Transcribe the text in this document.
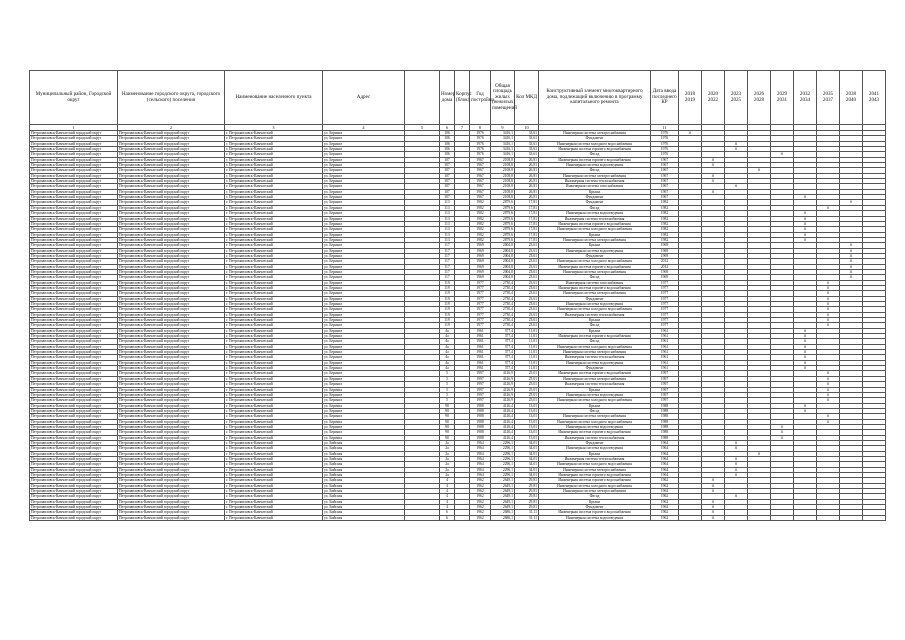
Муниципальный район, Городской округ	Наименование городского округа, городского (сельского) поселения	Наименование населенного пункта	Адрес		Номер дома	Корпус (блок)	Год постройки	Общая площадь жилых (нежилых) помещений	Кол МКД	Конструктивный элемент многоквартирного дома, подлежащий включению в программу капитального ремонта	Дата ввода последнего КР	2018 2019	2020 2022	2023 2025	2026 2028	2029 2031	2032 2034	2035 2037	2038 2040	2041 2043
1	2	3	4	5	6	7	8	9	10		11									
Петропавловск-Камчатский городской округ	Петропавловск-Камчатский городской округ	г. Петропавловск-Камчатский	ул. Беринга		106		1976	3416,1	33,61	Инженерная система электроснабжения	1976	X								
Петропавловск-Камчатский городской округ	Петропавловск-Камчатский городской округ	г. Петропавловск-Камчатский	ул. Беринга		106		1976	3416,1	33,61	Фундамент	1976									
Петропавловск-Камчатский городской округ	Петропавловск-Камчатский городской округ	г. Петропавловск-Камчатский	ул. Беринга		106		1976	3416,1	33,61	Инженерная система холодного водоснабжения	1976			X						
Петропавловск-Камчатский городской округ	Петропавловск-Камчатский городской округ	г. Петропавловск-Камчатский	ул. Беринга		106		1976	3416,1	33,61	Инженерная система горячего водоснабжения	1976			X						
Петропавловск-Камчатский городской округ	Петропавловск-Камчатский городской округ	г. Петропавловск-Камчатский	ул. Беринга		106		1976	3416,1	33,61	Фасад	1976					X				
Петропавловск-Камчатский городской округ	Петропавловск-Камчатский городской округ	г. Петропавловск-Камчатский	ул. Беринга		107		1967	2108,8	26,81	Инженерная система горячего водоснабжения	1967		X							
Петропавловск-Камчатский городской округ	Петропавловск-Камчатский городской округ	г. Петропавловск-Камчатский	ул. Беринга		107		1967	2108,8	26,81	Инженерная система водоотведения	1967		X							
Петропавловск-Камчатский городской округ	Петропавловск-Камчатский городской округ	г. Петропавловск-Камчатский	ул. Беринга		107		1967	2108,8	26,81	Фасад	1967				X					
Петропавловск-Камчатский городской округ	Петропавловск-Камчатский городской округ	г. Петропавловск-Камчатский	ул. Беринга		107		1967	2108,8	26,81	Инженерная система электроснабжения	1967		X							
Петропавловск-Камчатский городской округ	Петропавловск-Камчатский городской округ	г. Петропавловск-Камчатский	ул. Беринга		107		1967	2108,8	26,81	Инженерная система теплоснабжения	1967		X							
Петропавловск-Камчатский городской округ	Петропавловск-Камчатский городской округ	г. Петропавловск-Камчатский	ул. Беринга		107		1967	2108,8	26,81	Инженерная система газоснабжения	1967			X						
Петропавловск-Камчатский городской округ	Петропавловск-Камчатский городской округ	г. Петропавловск-Камчатский	ул. Беринга		107		1967	2108,8	26,81	Крыша	1967		X							
Петропавловск-Камчатский городской округ	Петропавловск-Камчатский городской округ	г. Петропавловск-Камчатский	ул. Беринга		107		1967	2108,8	26,81	Фундамент	1967						X			
Петропавловск-Камчатский городской округ	Петропавловск-Камчатский городской округ	г. Петропавловск-Камчатский	ул. Беринга		113		1982	2879,6	17,81	Фундамент	1982								X	
Петропавловск-Камчатский городской округ	Петропавловск-Камчатский городской округ	г. Петропавловск-Камчатский	ул. Беринга		113		1982	2879,6	17,81	Фасад	1982							X		
Петропавловск-Камчатский городской округ	Петропавловск-Камчатский городской округ	г. Петропавловск-Камчатский	ул. Беринга		113		1982	2879,6	17,81	Инженерная система водоотведения	1982						X			
Петропавловск-Камчатский городской округ	Петропавловск-Камчатский городской округ	г. Петропавловск-Камчатский	ул. Беринга		113		1982	2879,6	17,81	Инженерная система теплоснабжения	1982						X			
Петропавловск-Камчатский городской округ	Петропавловск-Камчатский городской округ	г. Петропавловск-Камчатский	ул. Беринга		113		1982	2879,6	17,81	Инженерная система горячего водоснабжения	1982						X			
Петропавловск-Камчатский городской округ	Петропавловск-Камчатский городской округ	г. Петропавловск-Камчатский	ул. Беринга		113		1982	2879,6	17,81	Инженерная система холодного водоснабжения	1982						X			
Петропавловск-Камчатский городской округ	Петропавловск-Камчатский городской округ	г. Петропавловск-Камчатский	ул. Беринга		113		1982	2879,6	17,81	Крыша	1982						X			
Петропавловск-Камчатский городской округ	Петропавловск-Камчатский городской округ	г. Петропавловск-Камчатский	ул. Беринга		113		1982	2879,6	17,81	Инженерная система электроснабжения	1982						X			
Петропавловск-Камчатский городской округ	Петропавловск-Камчатский городской округ	г. Петропавловск-Камчатский	ул. Беринга		117		1969	2004,8	23,61	Крыша	1969								X	
Петропавловск-Камчатский городской округ	Петропавловск-Камчатский городской округ	г. Петропавловск-Камчатский	ул. Беринга		117		1969	2004,8	23,61	Инженерная система водоотведения	1969								X	
Петропавловск-Камчатский городской округ	Петропавловск-Камчатский городской округ	г. Петропавловск-Камчатский	ул. Беринга		117		1969	2004,8	23,61	Фундамент	1969								X	
Петропавловск-Камчатский городской округ	Петропавловск-Камчатский городской округ	г. Петропавловск-Камчатский	ул. Беринга		117		1969	2004,8	23,61	Инженерная система холодного водоснабжения	2012								X	
Петропавловск-Камчатский городской округ	Петропавловск-Камчатский городской округ	г. Петропавловск-Камчатский	ул. Беринга		117		1969	2004,8	23,61	Инженерная система горячего водоснабжения	2012								X	
Петропавловск-Камчатский городской округ	Петропавловск-Камчатский городской округ	г. Петропавловск-Камчатский	ул. Беринга		117		1969	2004,8	23,61	Инженерная система электроснабжения	1969								X	
Петропавловск-Камчатский городской округ	Петропавловск-Камчатский городской округ	г. Петропавловск-Камчатский	ул. Беринга		117		1969	2004,8	23,61	Фасад	1969								X	
Петропавловск-Камчатский городской округ	Петропавловск-Камчатский городской округ	г. Петропавловск-Камчатский	ул. Беринга		119		1977	2730,4	23,61	Инженерная система газоснабжения	1977							X		
Петропавловск-Камчатский городской округ	Петропавловск-Камчатский городской округ	г. Петропавловск-Камчатский	ул. Беринга		119		1977	2730,4	23,61	Инженерная система горячего водоснабжения	1977							X		
Петропавловск-Камчатский городской округ	Петропавловск-Камчатский городской округ	г. Петропавловск-Камчатский	ул. Беринга		119		1977	2730,4	23,61	Инженерная система электроснабжения	1977							X		
Петропавловск-Камчатский городской округ	Петропавловск-Камчатский городской округ	г. Петропавловск-Камчатский	ул. Беринга		119		1977	2730,4	23,61	Фундамент	1977							X		
Петропавловск-Камчатский городской округ	Петропавловск-Камчатский городской округ	г. Петропавловск-Камчатский	ул. Беринга		119		1977	2730,4	23,61	Инженерная система водоотведения	1977							X		
Петропавловск-Камчатский городской округ	Петропавловск-Камчатский городской округ	г. Петропавловск-Камчатский	ул. Беринга		119		1977	2730,4	23,61	Инженерная система холодного водоснабжения	1977							X		
Петропавловск-Камчатский городской округ	Петропавловск-Камчатский городской округ	г. Петропавловск-Камчатский	ул. Беринга		119		1977	2730,4	23,61	Инженерная система теплоснабжения	1977							X		
Петропавловск-Камчатский городской округ	Петропавловск-Камчатский городской округ	г. Петропавловск-Камчатский	ул. Беринга		119		1977	2730,4	23,61	Крыша	1977							X		
Петропавловск-Камчатский городской округ	Петропавловск-Камчатский городской округ	г. Петропавловск-Камчатский	ул. Беринга		119		1977	2730,4	23,61	Фасад	1977							X		
Петропавловск-Камчатский городской округ	Петропавловск-Камчатский городской округ	г. Петропавловск-Камчатский	ул. Беринга		4а		1961	377,4	11,01	Крыша	1961						X			
Петропавловск-Камчатский городской округ	Петропавловск-Камчатский городской округ	г. Петропавловск-Камчатский	ул. Беринга		4а		1961	377,4	11,01	Инженерная система горячего водоснабжения	1961						X			
Петропавловск-Камчатский городской округ	Петропавловск-Камчатский городской округ	г. Петропавловск-Камчатский	ул. Беринга		4а		1961	377,4	11,01	Фасад	1961						X			
Петропавловск-Камчатский городской округ	Петропавловск-Камчатский городской округ	г. Петропавловск-Камчатский	ул. Беринга		4а		1961	377,4	11,01	Инженерная система холодного водоснабжения	1961						X			
Петропавловск-Камчатский городской округ	Петропавловск-Камчатский городской округ	г. Петропавловск-Камчатский	ул. Беринга		4а		1961	377,4	11,01	Инженерная система электроснабжения	1961						X			
Петропавловск-Камчатский городской округ	Петропавловск-Камчатский городской округ	г. Петропавловск-Камчатский	ул. Беринга		4а		1961	377,4	11,01	Инженерная система теплоснабжения	1961						X			
Петропавловск-Камчатский городской округ	Петропавловск-Камчатский городской округ	г. Петропавловск-Камчатский	ул. Беринга		4а		1961	377,4	11,01	Инженерная система водоотведения	1961						X			
Петропавловск-Камчатский городской округ	Петропавловск-Камчатский городской округ	г. Петропавловск-Камчатский	ул. Беринга		4а		1961	377,4	11,01	Фундамент	1961						X			
Петропавловск-Камчатский городской округ	Петропавловск-Камчатский городской округ	г. Петропавловск-Камчатский	ул. Беринга		5		1997	4126,9	25,01	Инженерная система горячего водоснабжения	1997							X		
Петропавловск-Камчатский городской округ	Петропавловск-Камчатский городской округ	г. Петропавловск-Камчатский	ул. Беринга		5		1997	4126,9	25,01	Инженерная система электроснабжения	1997							X		
Петропавловск-Камчатский городской округ	Петропавловск-Камчатский городской округ	г. Петропавловск-Камчатский	ул. Беринга		5		1997	4126,9	25,01	Инженерная система теплоснабжения	1997							X		
Петропавловск-Камчатский городской округ	Петропавловск-Камчатский городской округ	г. Петропавловск-Камчатский	ул. Беринга		5		1997	4126,9	25,01	Крыша	1997							X		
Петропавловск-Камчатский городской округ	Петропавловск-Камчатский городской округ	г. Петропавловск-Камчатский	ул. Беринга		5		1997	4126,9	25,01	Инженерная система водоотведения	1997							X		
Петропавловск-Камчатский городской округ	Петропавловск-Камчатский городской округ	г. Петропавловск-Камчатский	ул. Беринга		5		1997	4126,9	25,01	Инженерная система холодного водоснабжения	1997							X		
Петропавловск-Камчатский городской округ	Петропавловск-Камчатский городской округ	г. Петропавловск-Камчатский	ул. Беринга		98		1988	4126,4	13,01	Крыша	1988						X			
Петропавловск-Камчатский городской округ	Петропавловск-Камчатский городской округ	г. Петропавловск-Камчатский	ул. Беринга		98		1988	4126,4	13,01	Фасад	1988						X			
Петропавловск-Камчатский городской округ	Петропавловск-Камчатский городской округ	г. Петропавловск-Камчатский	ул. Беринга		98		1988	4126,4	13,01	Инженерная система электроснабжения	1988							X		
Петропавловск-Камчатский городской округ	Петропавловск-Камчатский городской округ	г. Петропавловск-Камчатский	ул. Беринга		98		1988	4126,4	13,01	Инженерная система холодного водоснабжения	1988							X		
Петропавловск-Камчатский городской округ	Петропавловск-Камчатский городской округ	г. Петропавловск-Камчатский	ул. Беринга		98		1988	4126,4	13,01	Инженерная система водоотведения	1988					X				
Петропавловск-Камчатский городской округ	Петропавловск-Камчатский городской округ	г. Петропавловск-Камчатский	ул. Беринга		98		1988	4126,4	13,01	Инженерная система горячего водоснабжения	1988					X				
Петропавловск-Камчатский городской округ	Петропавловск-Камчатский городской округ	г. Петропавловск-Камчатский	ул. Беринга		98		1988	4126,4	13,01	Инженерная система теплоснабжения	1988					X				
Петропавловск-Камчатский городской округ	Петропавловск-Камчатский городской округ	г. Петропавловск-Камчатский	ул. Бийская		2а		1964	2296,1	34,01	Фундамент	1964			X						
Петропавловск-Камчатский городской округ	Петропавловск-Камчатский городской округ	г. Петропавловск-Камчатский	ул. Бийская		2а		1964	2296,1	34,01	Инженерная система водоотведения	1964			X						
Петропавловск-Камчатский городской округ	Петропавловск-Камчатский городской округ	г. Петропавловск-Камчатский	ул. Бийская		2а		1964	2296,1	34,01	Крыша	1964				X					
Петропавловск-Камчатский городской округ	Петропавловск-Камчатский городской округ	г. Петропавловск-Камчатский	ул. Бийская		2а		1964	2296,1	34,01	Инженерная система теплоснабжения	1964			X						
Петропавловск-Камчатский городской округ	Петропавловск-Камчатский городской округ	г. Петропавловск-Камчатский	ул. Бийская		2а		1964	2296,1	34,01	Инженерная система холодного водоснабжения	1964			X						
Петропавловск-Камчатский городской округ	Петропавловск-Камчатский городской округ	г. Петропавловск-Камчатский	ул. Бийская		2а		1964	2296,1	34,01	Инженерная система электроснабжения	1964			X						
Петропавловск-Камчатский городской округ	Петропавловск-Камчатский городской округ	г. Петропавловск-Камчатский	ул. Бийская		2а		1964	2296,1	34,01	Инженерная система горячего водоснабжения	1964			X						
Петропавловск-Камчатский городской округ	Петропавловск-Камчатский городской округ	г. Петропавловск-Камчатский	ул. Бийская		4		1962	2649,1	29,81	Инженерная система горячего водоснабжения	1962		X							
Петропавловск-Камчатский городской округ	Петропавловск-Камчатский городской округ	г. Петропавловск-Камчатский	ул. Бийская		4		1962	2649,1	29,81	Инженерная система холодного водоснабжения	1962		X							
Петропавловск-Камчатский городской округ	Петропавловск-Камчатский городской округ	г. Петропавловск-Камчатский	ул. Бийская		4		1962	2649,1	29,81	Инженерная система электроснабжения	1962		X							
Петропавловск-Камчатский городской округ	Петропавловск-Камчатский городской округ	г. Петропавловск-Камчатский	ул. Бийская		4		1962	2649,1	29,81	Фасад	1962			X						
Петропавловск-Камчатский городской округ	Петропавловск-Камчатский городской округ	г. Петропавловск-Камчатский	ул. Бийская		4		1962	2649,1	29,81	Крыша	1962		X							
Петропавловск-Камчатский городской округ	Петропавловск-Камчатский городской округ	г. Петропавловск-Камчатский	ул. Бийская		4		1962	2649,1	29,81	Фундамент	1962		X							
Петропавловск-Камчатский городской округ	Петропавловск-Камчатский городской округ	г. Петропавловск-Камчатский	ул. Бийская		6		1962	2686,1	31,11	Инженерная система горячего водоснабжения	1962		X							
Петропавловск-Камчатский городской округ	Петропавловск-Камчатский городской округ	г. Петропавловск-Камчатский	ул. Бийская		6		1962	2686,1	31,11	Инженерная система водоотведения	1962		X							
